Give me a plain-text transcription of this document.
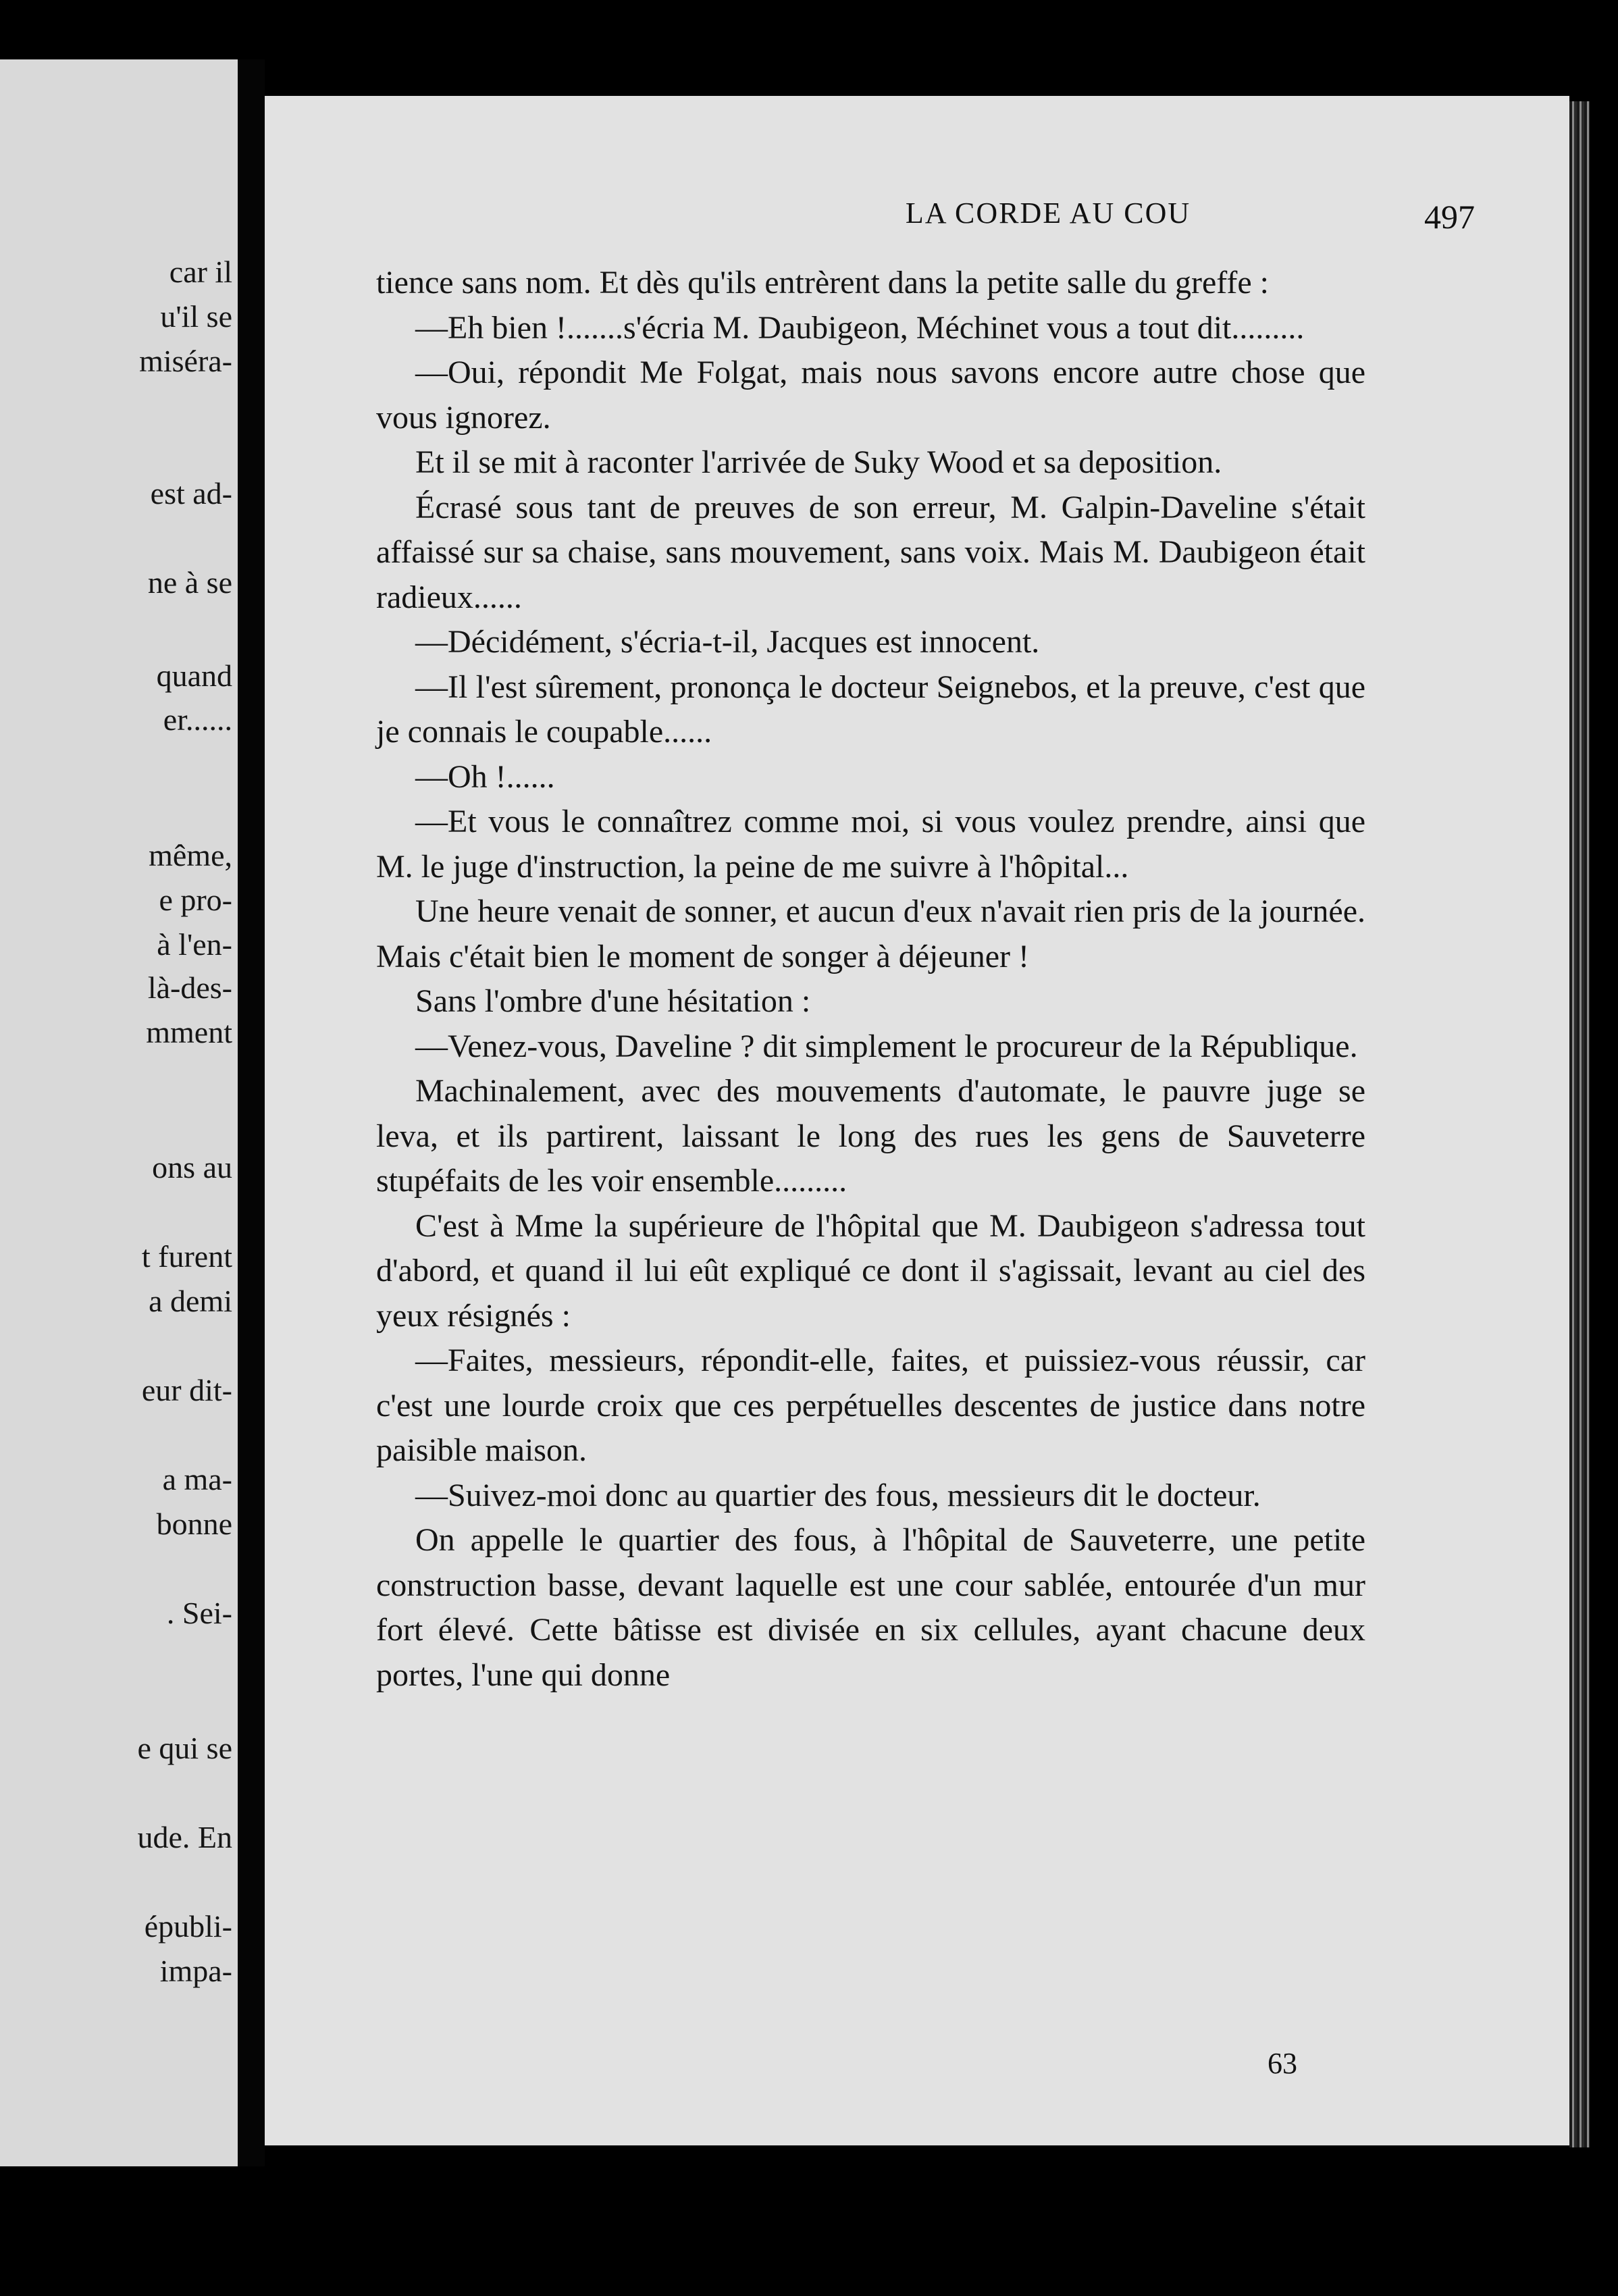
car il
u'il se
miséra-
est ad-
ne à se
quand
er......
même,
e pro-
à l'en-
là-des-
mment
ons au
t furent
a demi
eur dit-
a ma-
bonne
. Sei-
e qui se
ude. En
épubli-
impa-
LA CORDE AU COU	497

tience sans nom. Et dès qu'ils entrèrent dans la petite salle du greffe :

—Eh bien !.......s'écria M. Daubigeon, Méchinet vous a tout dit.........

—Oui, répondit Me Folgat, mais nous savons encore autre chose que vous ignorez.

Et il se mit à raconter l'arrivée de Suky Wood et sa deposition.

Écrasé sous tant de preuves de son erreur, M. Galpin-Daveline s'était affaissé sur sa chaise, sans mouvement, sans voix. Mais M. Daubigeon était radieux......

—Décidément, s'écria-t-il, Jacques est innocent.

—Il l'est sûrement, prononça le docteur Seignebos, et la preuve, c'est que je connais le coupable......

—Oh !......

—Et vous le connaîtrez comme moi, si vous voulez prendre, ainsi que M. le juge d'instruction, la peine de me suivre à l'hôpital...

Une heure venait de sonner, et aucun d'eux n'avait rien pris de la journée. Mais c'était bien le moment de songer à déjeuner !

Sans l'ombre d'une hésitation :

—Venez-vous, Daveline ? dit simplement le procureur de la République.

Machinalement, avec des mouvements d'automate, le pauvre juge se leva, et ils partirent, laissant le long des rues les gens de Sauveterre stupéfaits de les voir ensemble.........

C'est à Mme la supérieure de l'hôpital que M. Daubigeon s'adressa tout d'abord, et quand il lui eût expliqué ce dont il s'agissait, levant au ciel des yeux résignés :

—Faites, messieurs, répondit-elle, faites, et puissiez-vous réussir, car c'est une lourde croix que ces perpétuelles descentes de justice dans notre paisible maison.

—Suivez-moi donc au quartier des fous, messieurs dit le docteur.

On appelle le quartier des fous, à l'hôpital de Sauveterre, une petite construction basse, devant laquelle est une cour sablée, entourée d'un mur fort élevé. Cette bâtisse est divisée en six cellules, ayant chacune deux portes, l'une qui donne

63
